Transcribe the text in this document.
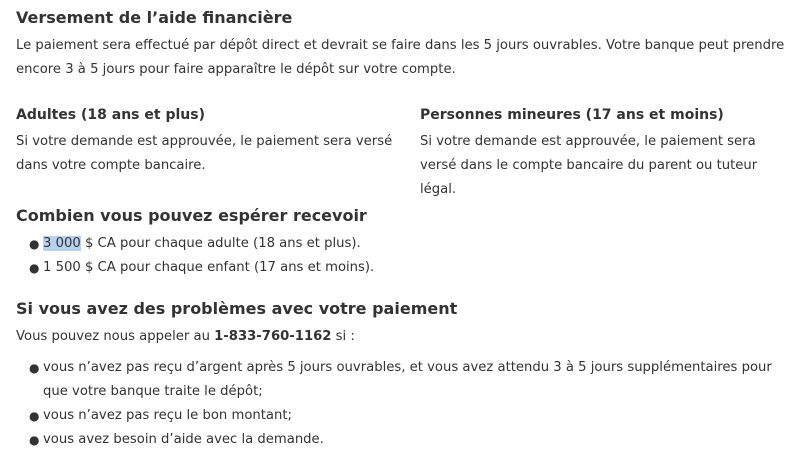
Versement de l’aide financière

Le paiement sera effectué par dépôt direct et devrait se faire dans les 5 jours ouvrables. Votre banque peut prendre encore 3 à 5 jours pour faire apparaître le dépôt sur votre compte.

Adultes (18 ans et plus)

Si votre demande est approuvée, le paiement sera versé dans votre compte bancaire.

Personnes mineures (17 ans et moins)

Si votre demande est approuvée, le paiement sera versé dans le compte bancaire du parent ou tuteur légal.

Combien vous pouvez espérer recevoir
● 3 000 $ CA pour chaque adulte (18 ans et plus).
● 1 500 $ CA pour chaque enfant (17 ans et moins).
Si vous avez des problèmes avec votre paiement

Vous pouvez nous appeler au 1-833-760-1162 si :

● vous n’avez pas reçu d’argent après 5 jours ouvrables, et vous avez attendu 3 à 5 jours supplémentaires pour que votre banque traite le dépôt;
● vous n’avez pas reçu le bon montant;
● vous avez besoin d’aide avec la demande.
